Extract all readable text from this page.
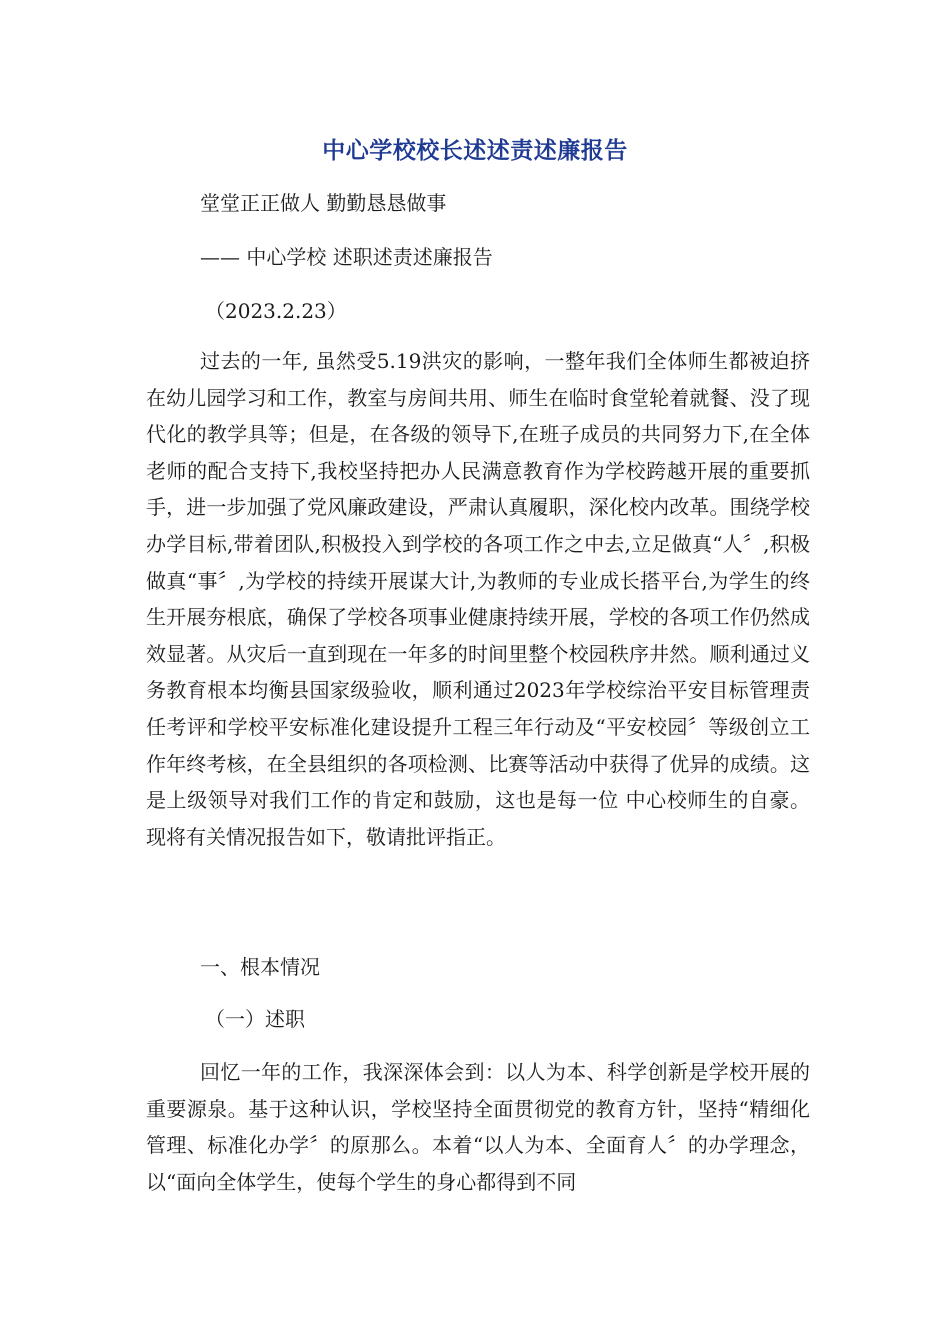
中心学校校长述述责述廉报告
堂堂正正做人 勤勤恳恳做事
—— 中心学校 述职述责述廉报告
（2023.2.23）

过去的一年, 虽然受5.19洪灾的影响，一整年我们全体师生都被迫挤在幼儿园学习和工作，教室与房间共用、师生在临时食堂轮着就餐、没了现代化的教学具等；但是，在各级的领导下,在班子成员的共同努力下,在全体老师的配合支持下,我校坚持把办人民满意教育作为学校跨越开展的重要抓手，进一步加强了党风廉政建设，严肃认真履职，深化校内改革。围绕学校办学目标,带着团队,积极投入到学校的各项工作之中去,立足做真“人〞,积极做真“事〞,为学校的持续开展谋大计,为教师的专业成长搭平台,为学生的终生开展夯根底，确保了学校各项事业健康持续开展，学校的各项工作仍然成效显著。从灾后一直到现在一年多的时间里整个校园秩序井然。顺利通过义务教育根本均衡县国家级验收，顺利通过2023年学校综治平安目标管理责任考评和学校平安标准化建设提升工程三年行动及“平安校园〞等级创立工作年终考核，在全县组织的各项检测、比赛等活动中获得了优异的成绩。这是上级领导对我们工作的肯定和鼓励，这也是每一位 中心校师生的自豪。现将有关情况报告如下，敬请批评指正。

一、根本情况
（一）述职

回忆一年的工作，我深深体会到：以人为本、科学创新是学校开展的重要源泉。基于这种认识，学校坚持全面贯彻党的教育方针，坚持“精细化管理、标准化办学〞的原那么。本着“以人为本、全面育人〞的办学理念，以“面向全体学生，使每个学生的身心都得到不同
